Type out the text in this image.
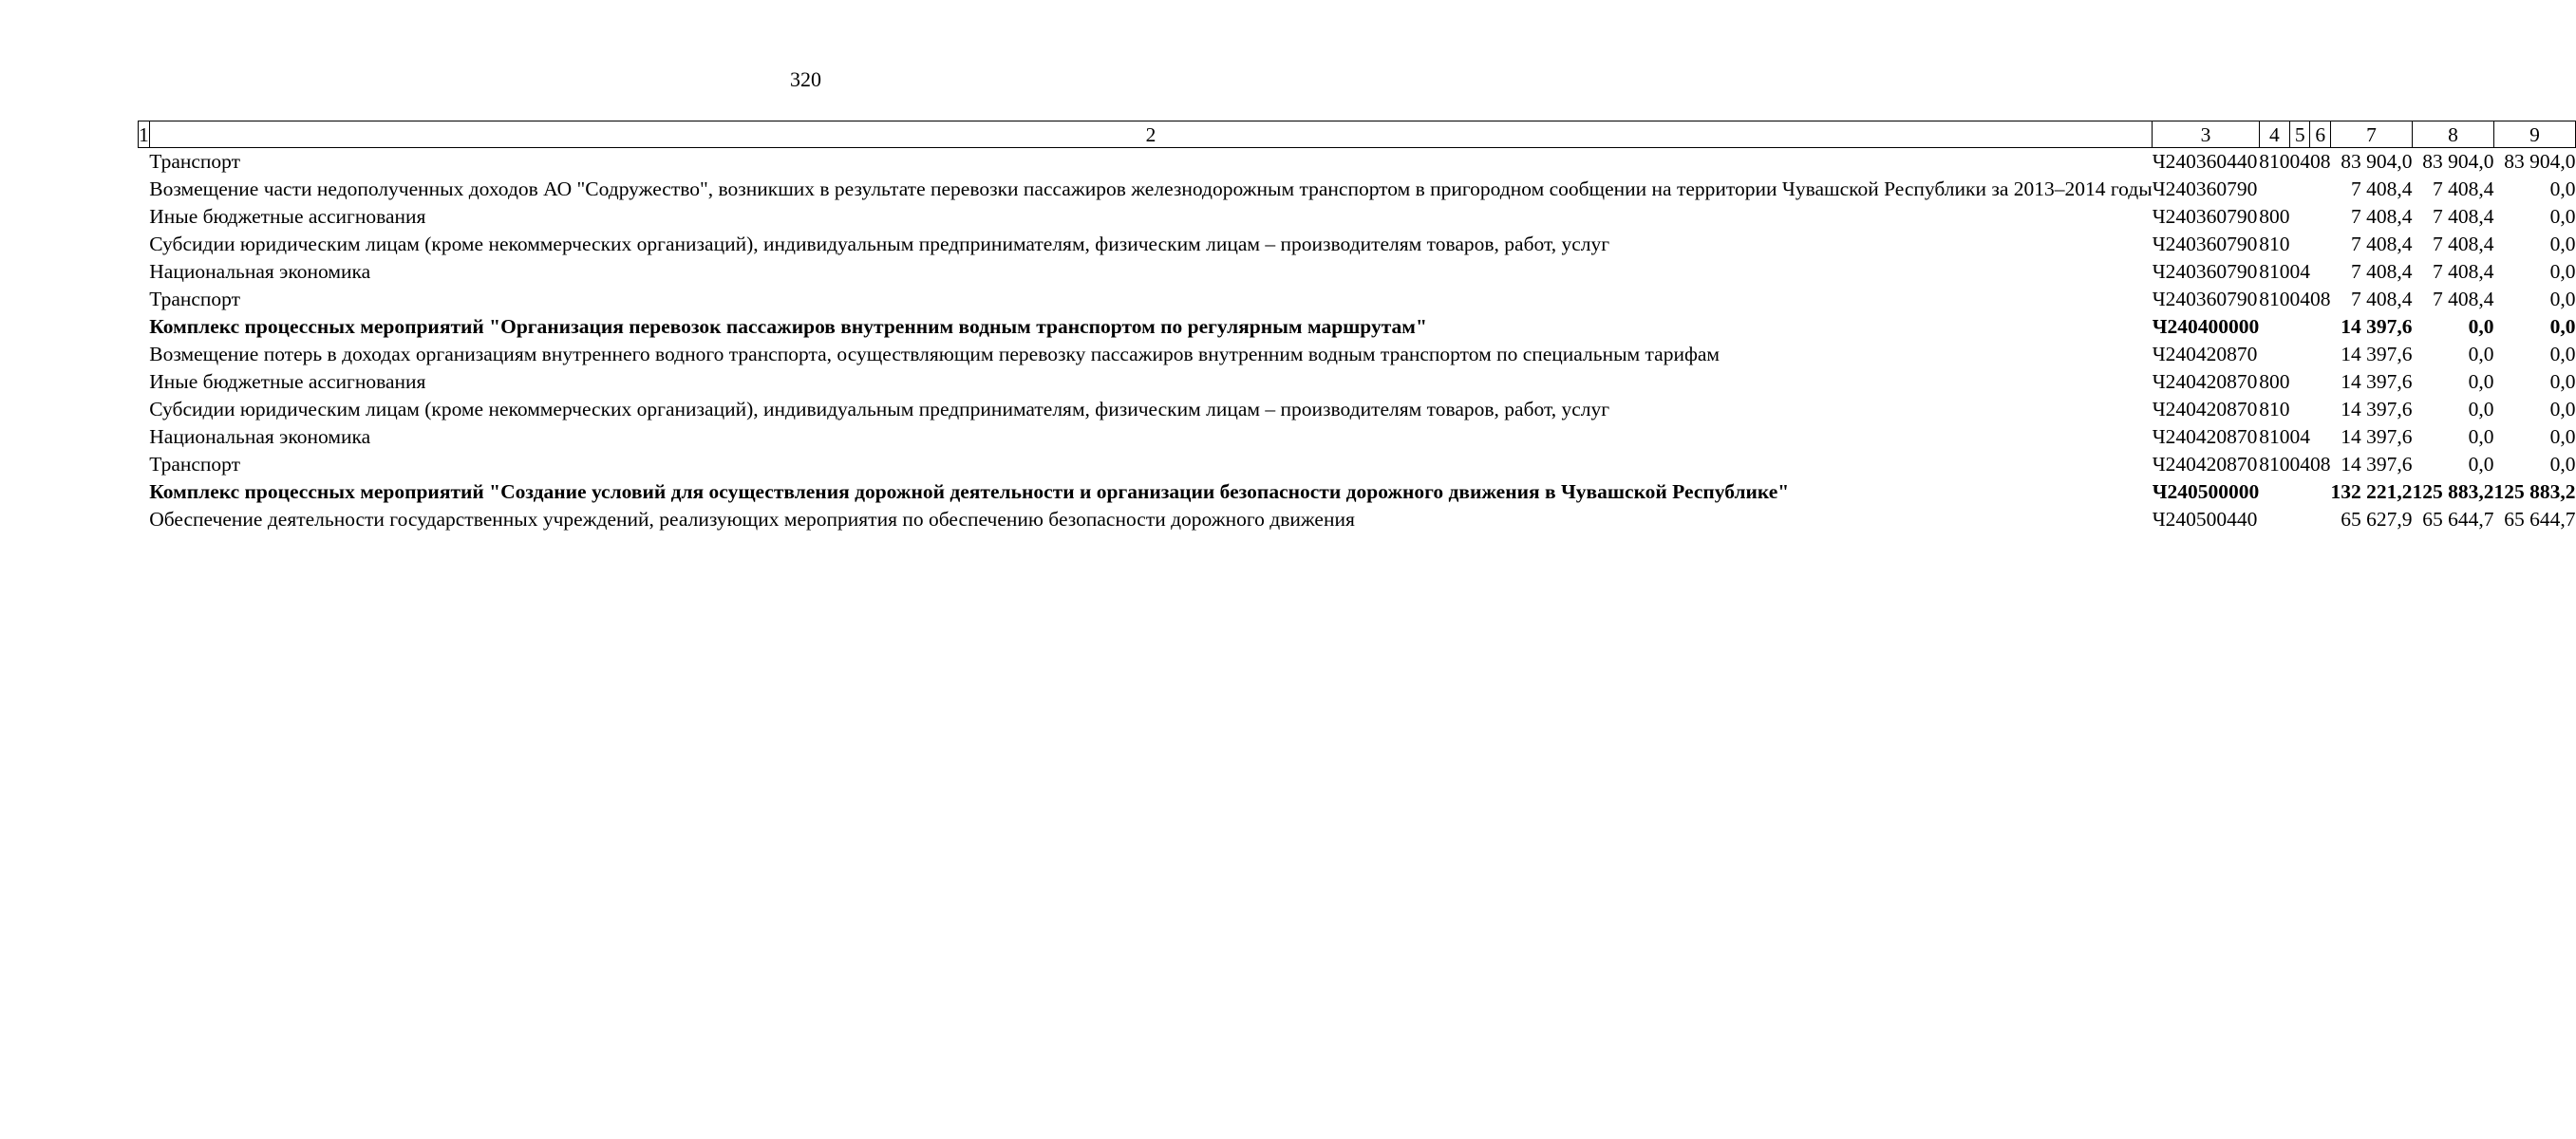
320
1	2	3	4	5	6	7	8	9
	Транспорт	Ч240360440	810	04	08	83 904,0	83 904,0	83 904,0
	Возмещение части недополученных доходов АО "Содружество", возникших в результате перевозки пассажиров железнодорожным транспортом в пригородном сообщении на территории Чувашской Республики за 2013–2014 годы	Ч240360790				7 408,4	7 408,4	0,0
	Иные бюджетные ассигнования	Ч240360790	800			7 408,4	7 408,4	0,0
	Субсидии юридическим лицам (кроме некоммерческих организаций), индивидуальным предпринимателям, физическим лицам – производителям товаров, работ, услуг	Ч240360790	810			7 408,4	7 408,4	0,0
	Национальная экономика	Ч240360790	810	04		7 408,4	7 408,4	0,0
	Транспорт	Ч240360790	810	04	08	7 408,4	7 408,4	0,0
	Комплекс процессных мероприятий "Организация перевозок пассажиров внутренним водным транспортом по регулярным маршрутам"	Ч240400000				14 397,6	0,0	0,0
	Возмещение потерь в доходах организациям внутреннего водного транспорта, осуществляющим перевозку пассажиров внутренним водным транспортом по специальным тарифам	Ч240420870				14 397,6	0,0	0,0
	Иные бюджетные ассигнования	Ч240420870	800			14 397,6	0,0	0,0
	Субсидии юридическим лицам (кроме некоммерческих организаций), индивидуальным предпринимателям, физическим лицам – производителям товаров, работ, услуг	Ч240420870	810			14 397,6	0,0	0,0
	Национальная экономика	Ч240420870	810	04		14 397,6	0,0	0,0
	Транспорт	Ч240420870	810	04	08	14 397,6	0,0	0,0
	Комплекс процессных мероприятий "Создание условий для осуществления дорожной деятельности и организации безопасности дорожного движения в Чувашской Республике"	Ч240500000				132 221,2	125 883,2	125 883,2
	Обеспечение деятельности государственных учреждений, реализующих мероприятия по обеспечению безопасности дорожного движения	Ч240500440				65 627,9	65 644,7	65 644,7
